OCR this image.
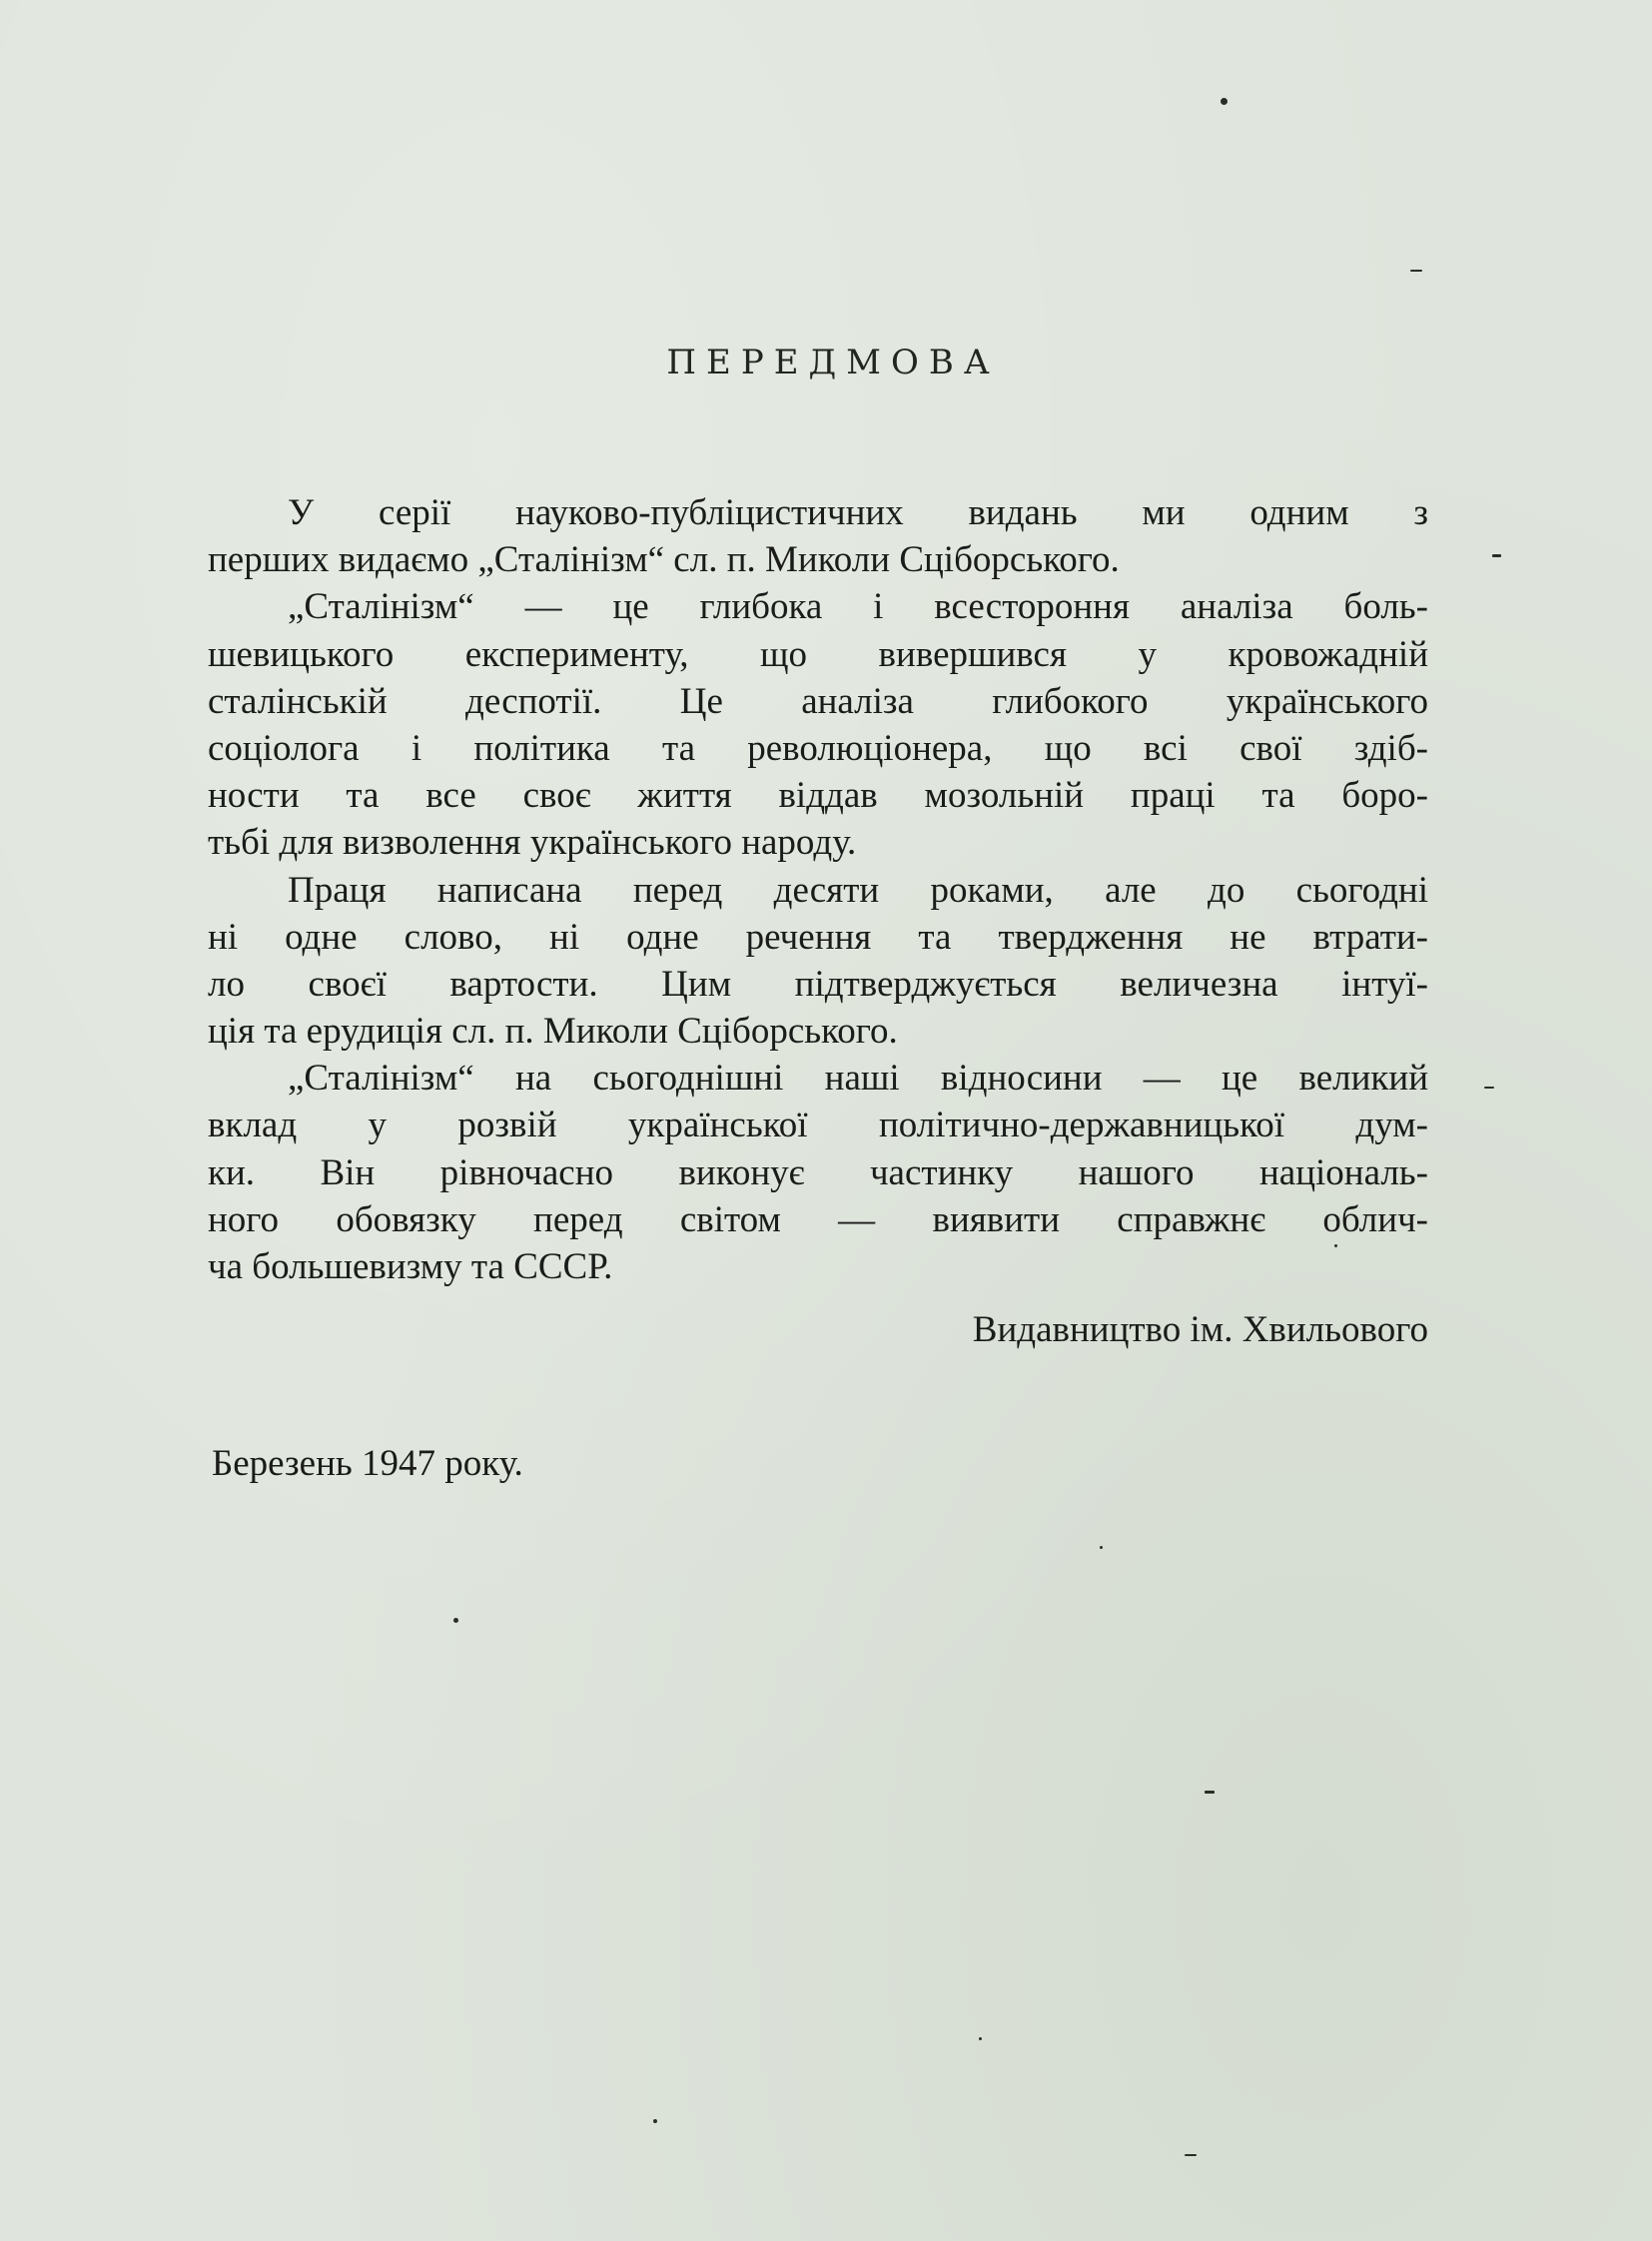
ПЕРЕДМОВА
У серії науково-публіцистичних видань ми одним з
перших видаємо „Сталінізм“ сл. п. Миколи Сціборського.
„Сталінізм“ — це глибока і всестороння аналіза боль-
шевицького експерименту, що вивершився у кровожадній
сталінській деспотії. Це аналіза глибокого українського
соціолога і політика та революціонера, що всі свої здіб-
ности та все своє життя віддав мозольній праці та боро-
тьбі для визволення українського народу.
Праця написана перед десяти роками, але до сьогодні
ні одне слово, ні одне речення та твердження не втрати-
ло своєї вартости. Цим підтверджується величезна інтуї-
ція та ерудиція сл. п. Миколи Сціборського.
„Сталінізм“ на сьогоднішні наші відносини — це великий
вклад у розвій української політично-державницької дум-
ки. Він рівночасно виконує частинку нашого національ-
ного обовязку перед світом — виявити справжнє облич-
ча большевизму та СССР.
Видавництво ім. Хвильового
Березень 1947 року.
